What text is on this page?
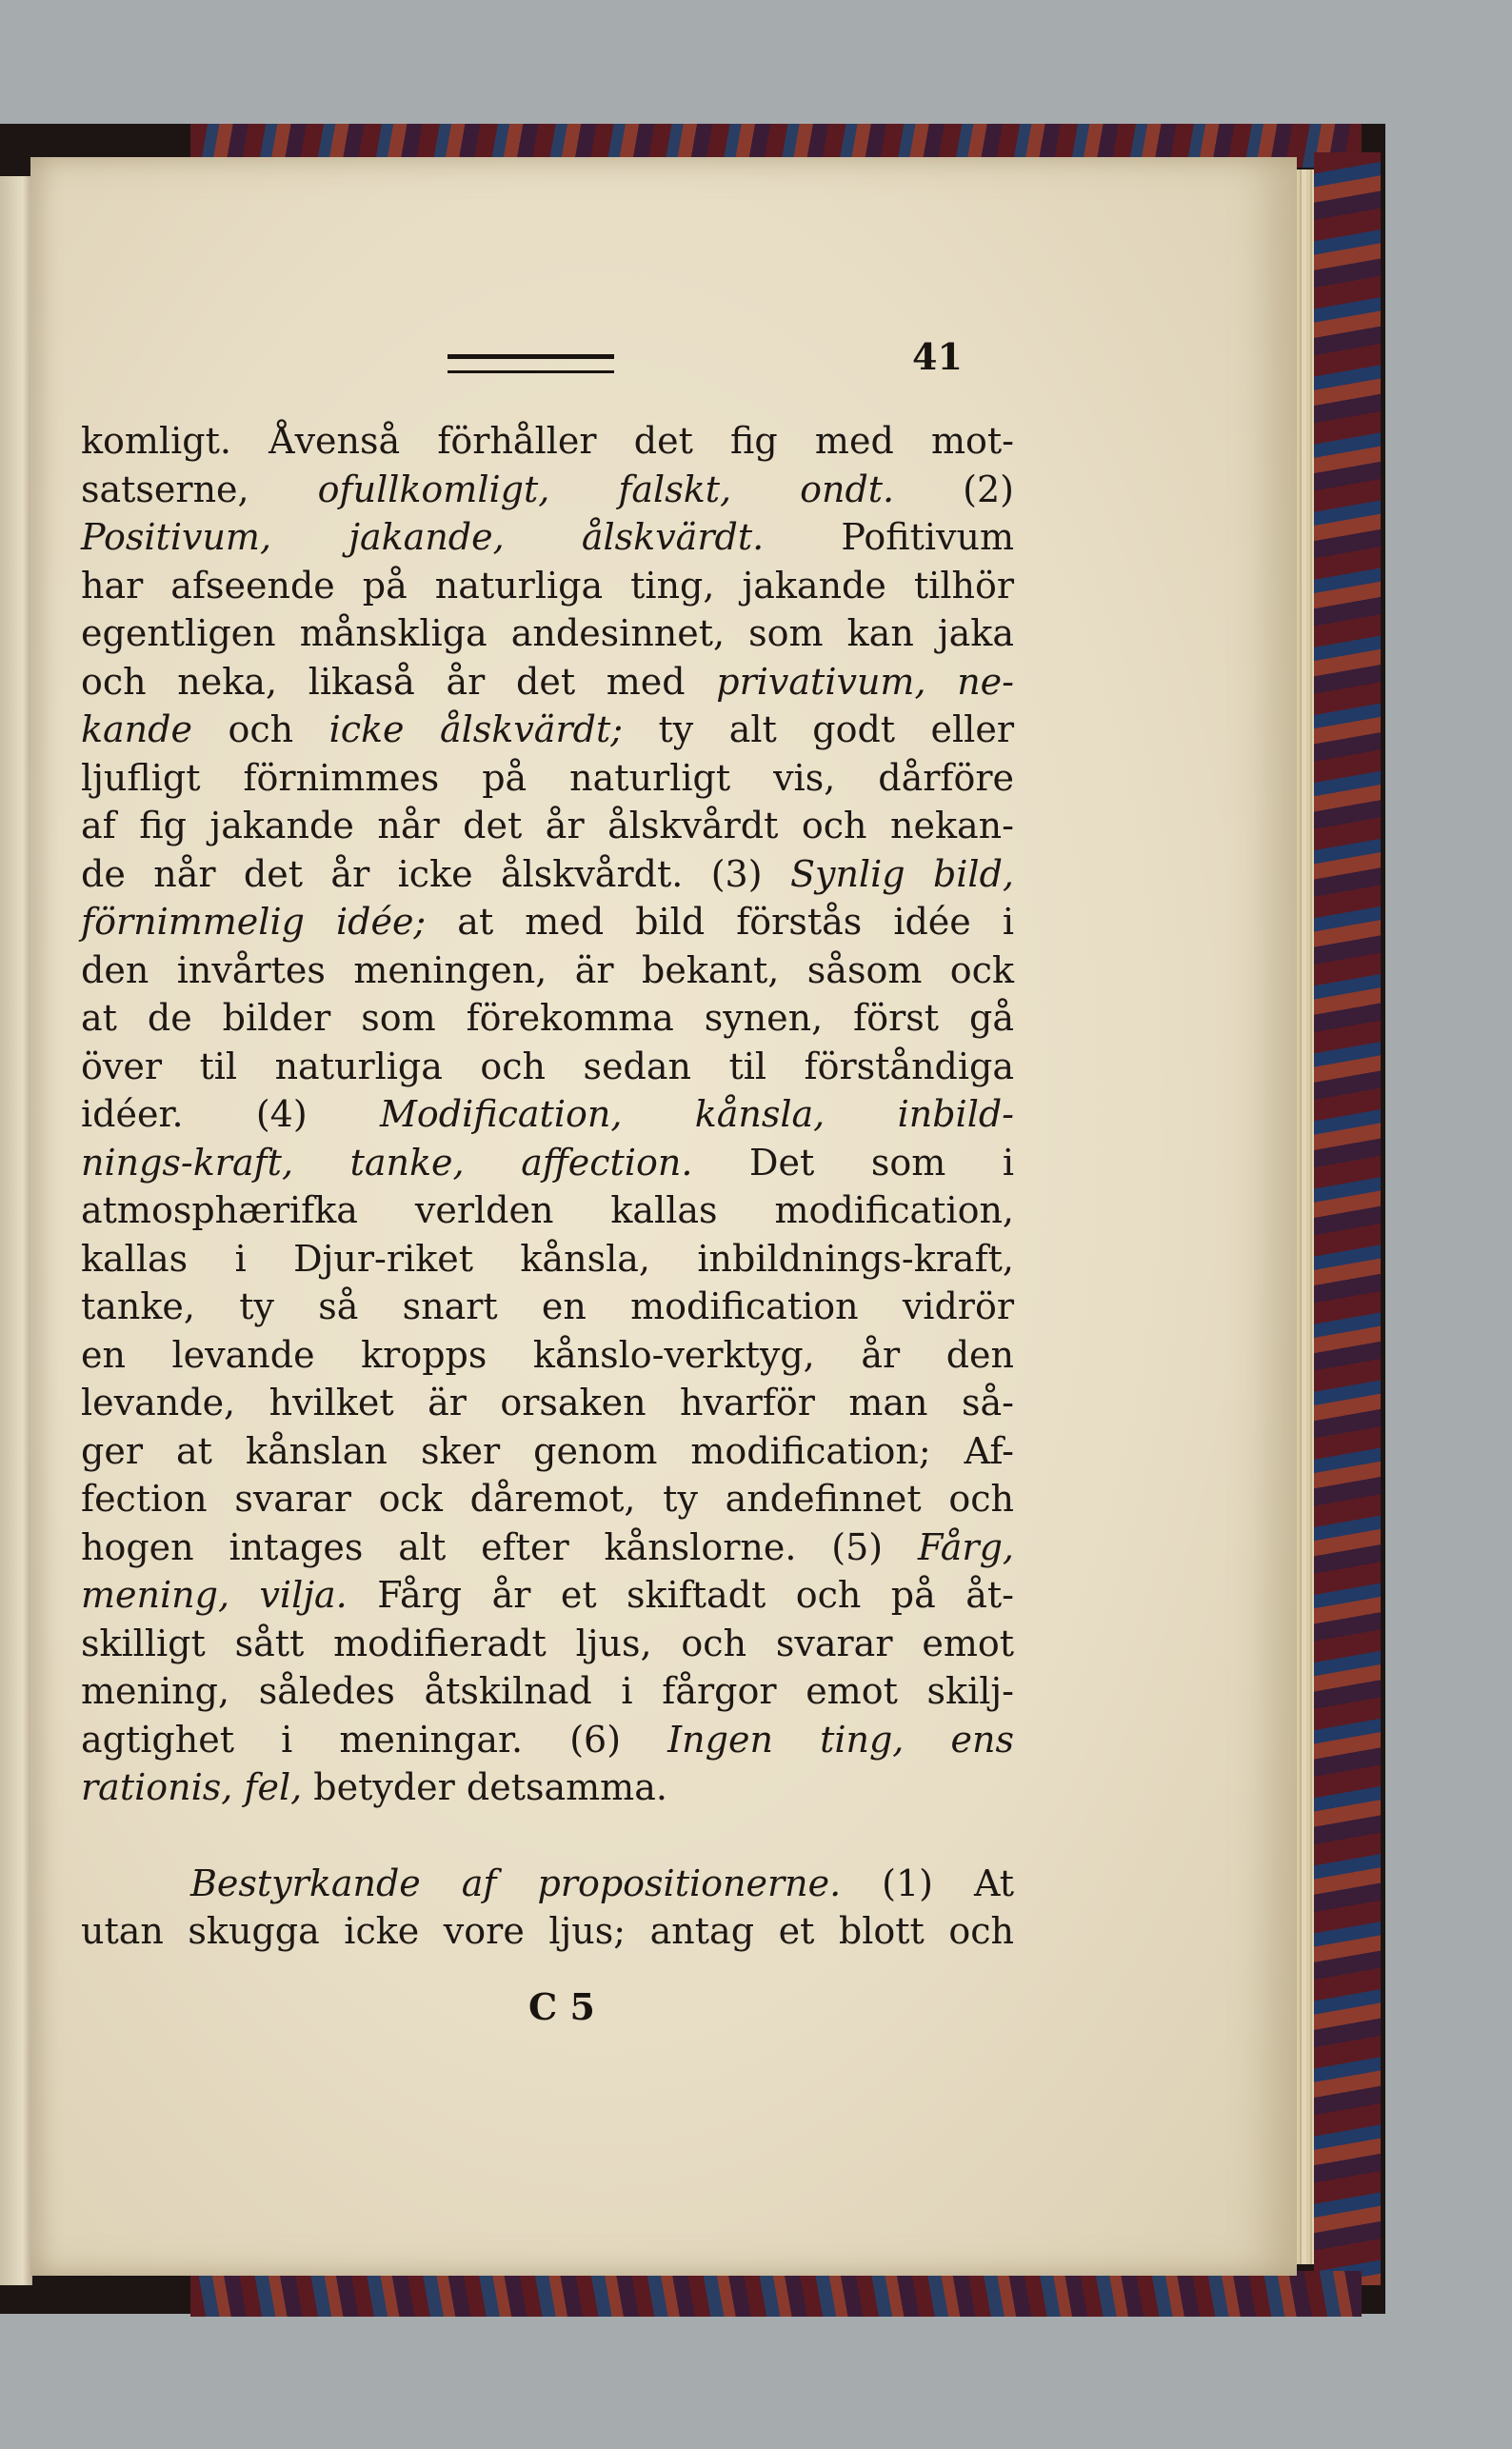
41
komligt. Åvenså förhåller det fig med mot-
satserne, ofullkomligt, falskt, ondt. (2)
Positivum, jakande, ålskvärdt. Pofitivum
har afseende på naturliga ting, jakande tilhör
egentligen månskliga andesinnet, som kan jaka
och neka, likaså år det med privativum, ne-
kande och icke ålskvärdt; ty alt godt eller
ljufligt förnimmes på naturligt vis, dårföre
af fig jakande når det år ålskvårdt och nekan-
de når det år icke ålskvårdt. (3) Synlig bild,
förnimmelig idée; at med bild förstås idée i
den invårtes meningen, är bekant, såsom ock
at de bilder som förekomma synen, först gå
över til naturliga och sedan til förståndiga
idéer. (4) Modification, kånsla, inbild-
nings-kraft, tanke, affection. Det som i
atmosphærifka verlden kallas modification,
kallas i Djur-riket kånsla, inbildnings-kraft,
tanke, ty så snart en modification vidrör
en levande kropps kånslo-verktyg, år den
levande, hvilket är orsaken hvarför man så-
ger at kånslan sker genom modification; Af-
fection svarar ock dåremot, ty andefinnet och
hogen intages alt efter kånslorne. (5) Fårg,
mening, vilja. Fårg år et skiftadt och på åt-
skilligt sått modifieradt ljus, och svarar emot
mening, således åtskilnad i fårgor emot skilj-
agtighet i meningar. (6) Ingen ting, ens
rationis, fel, betyder detsamma.
Bestyrkande af propositionerne. (1) At
utan skugga icke vore ljus; antag et blott och
C 5
